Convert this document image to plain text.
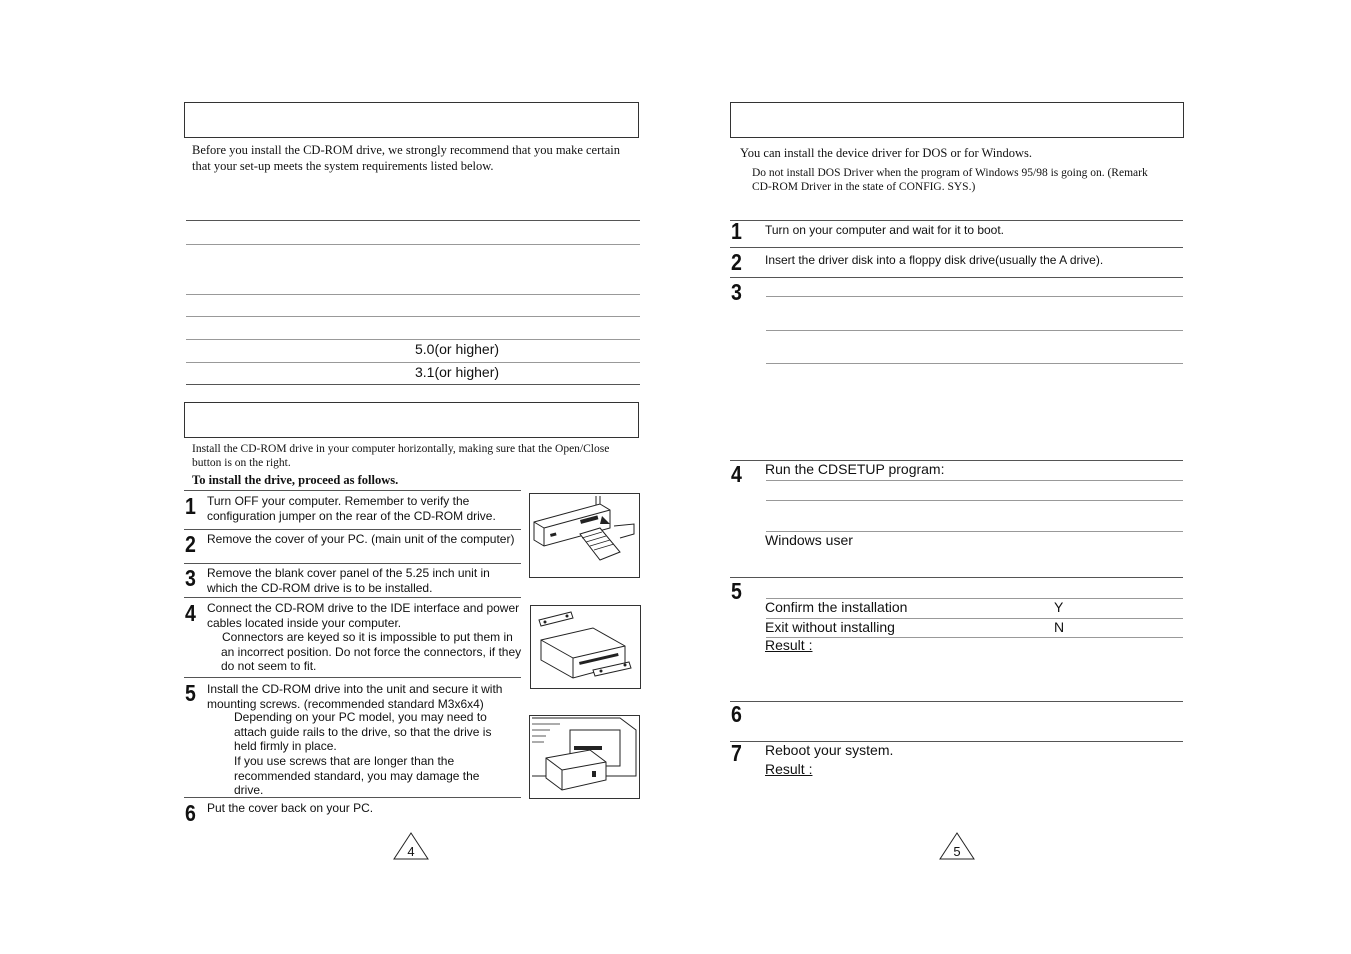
Before you install the CD-ROM drive, we strongly recommend that you make certain that your set-up meets the system requirements listed below.
5.0(or higher)
3.1(or higher)
Install the CD-ROM drive in your computer horizontally, making sure that the Open/Close button is on the right.
To install the drive, proceed as follows.
1 Turn OFF your computer. Remember to verify the configuration jumper on the rear of the CD-ROM drive.
2 Remove the cover of your PC. (main unit of the computer)
3 Remove the blank cover panel of the 5.25 inch unit in which the CD-ROM drive is to be installed.
4 Connect the CD-ROM drive to the IDE interface and power cables located inside your computer.
Connectors are keyed so it is impossible to put them in an incorrect position. Do not force the connectors, if they do not seem to fit.
5 Install the CD-ROM drive into the unit and secure it with mounting screws. (recommended standard M3x6x4)
Depending on your PC model, you may need to attach guide rails to the drive, so that the drive is held firmly in place.
If you use screws that are longer than the recommended standard, you may damage the drive.
6 Put the cover back on your PC.
4
You can install the device driver for DOS or for Windows.
Do not install DOS Driver when the program of Windows 95/98 is going on. (Remark CD-ROM Driver in the state of CONFIG. SYS.)
1 Turn on your computer and wait for it to boot.
2 Insert the driver disk into a floppy disk drive(usually the A drive).
3
4 Run the CDSETUP program:
Windows user
5
Confirm the installation	Y
Exit without installing	N
Result :
6
7 Reboot your system.
Result :
5
